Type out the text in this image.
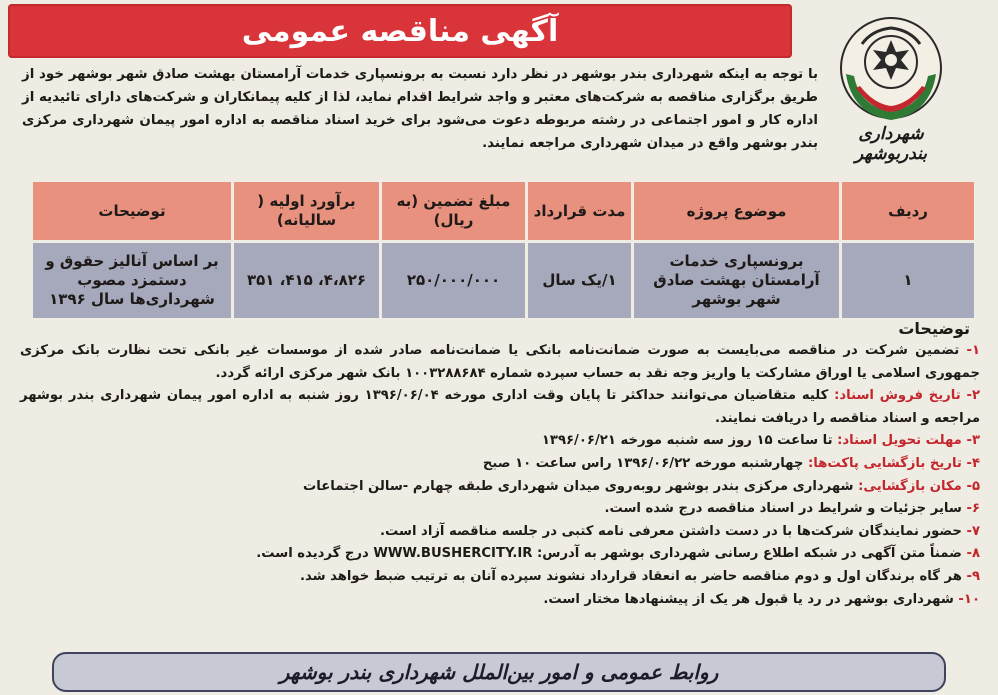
آگهی مناقصه عمومی
شهرداری بندربوشهر
با توجه به اینکه شهرداری بندر بوشهر در نظر دارد نسبت به برونسپاری خدمات آرامستان بهشت صادق شهر بوشهر خود از طریق برگزاری مناقصه به شرکت‌های معتبر و واجد شرایط اقدام نماید، لذا از کلیه پیمانکاران و شرکت‌های دارای تائیدیه از اداره کار و امور اجتماعی در رشته مربوطه دعوت می‌شود برای خرید اسناد مناقصه به اداره امور پیمان شهرداری مرکزی بندر بوشهر واقع در میدان شهرداری مراجعه نمایند.
ردیف	موضوع پروژه	مدت قرارداد	مبلغ تضمین (به ریال)	برآورد اولیه ( سالیانه)	توضیحات
۱	برونسپاری خدمات آرامستان بهشت صادق شهر بوشهر	۱/یک سال	۲۵۰/۰۰۰/۰۰۰	۴،۸۲۶، ۴۱۵، ۳۵۱	بر اساس آنالیز حقوق و دستمزد مصوب شهرداری‌ها سال ۱۳۹۶
توضیحات

۱- تضمین شرکت در مناقصه می‌بایست به صورت ضمانت‌نامه بانکی یا ضمانت‌نامه صادر شده از موسسات غیر بانکی تحت نظارت بانک مرکزی جمهوری اسلامی یا اوراق مشارکت یا واریز وجه نقد به حساب سپرده شماره ۱۰۰۳۲۸۸۶۸۴ بانک شهر مرکزی ارائه گردد.

۲- تاریخ فروش اسناد: کلیه متقاضیان می‌توانند حداکثر تا پایان وقت اداری مورخه ۱۳۹۶/۰۶/۰۴ روز شنبه به اداره امور پیمان شهرداری بندر بوشهر مراجعه و اسناد مناقصه را دریافت نمایند.

۳- مهلت تحویل اسناد: تا ساعت ۱۵ روز سه شنبه مورخه ۱۳۹۶/۰۶/۲۱

۴- تاریخ بازگشایی پاکت‌ها: چهارشنبه مورخه ۱۳۹۶/۰۶/۲۲ راس ساعت ۱۰ صبح

۵- مکان بازگشایی: شهرداری مرکزی بندر بوشهر روبه‌روی میدان شهرداری طبقه چهارم -سالن اجتماعات

۶- سایر جزئیات و شرایط در اسناد مناقصه درج شده است.

۷- حضور نمایندگان شرکت‌ها با در دست داشتن معرفی نامه کتبی در جلسه مناقصه آزاد است.

۸- ضمناً متن آگهی در شبکه اطلاع رسانی شهرداری بوشهر به آدرس: WWW.BUSHERCITY.IR درج گردیده است.

۹- هر گاه برندگان اول و دوم مناقصه حاضر به انعقاد قرارداد نشوند سپرده آنان به ترتیب ضبط خواهد شد.

۱۰- شهرداری بوشهر در رد یا قبول هر یک از پیشنهادها مختار است.

روابط عمومی و امور بین‌الملل شهرداری بندر بوشهر
